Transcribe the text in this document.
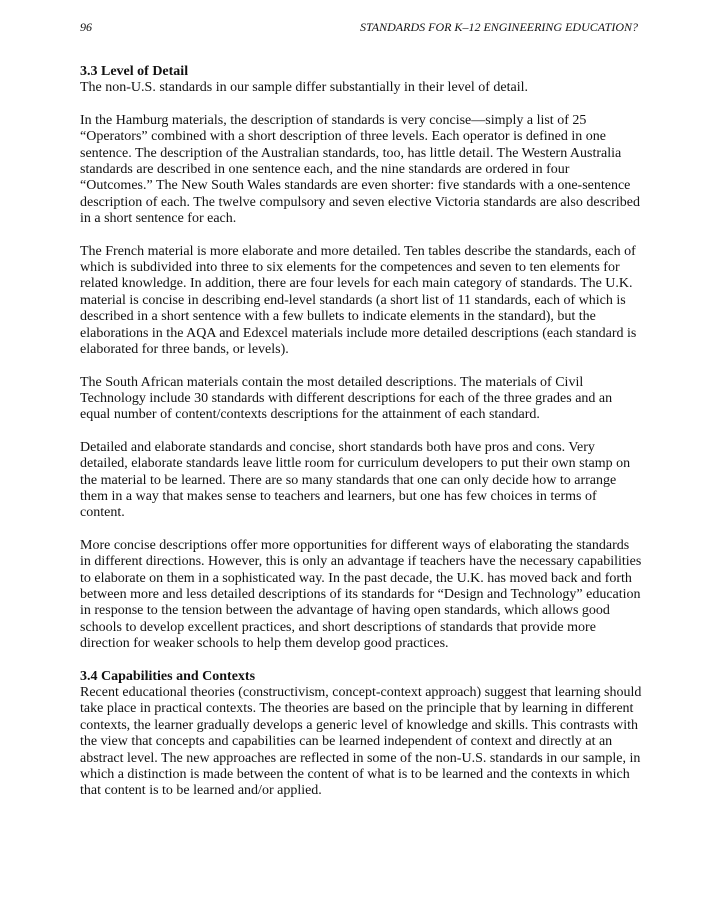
96	STANDARDS FOR K–12 ENGINEERING EDUCATION?

3.3 Level of Detail

The non-U.S. standards in our sample differ substantially in their level of detail.

In the Hamburg materials, the description of standards is very concise—simply a list of 25 “Operators” combined with a short description of three levels. Each operator is defined in one sentence. The description of the Australian standards, too, has little detail. The Western Australia standards are described in one sentence each, and the nine standards are ordered in four “Outcomes.” The New South Wales standards are even shorter: five standards with a one-sentence description of each. The twelve compulsory and seven elective Victoria standards are also described in a short sentence for each.

The French material is more elaborate and more detailed. Ten tables describe the standards, each of which is subdivided into three to six elements for the competences and seven to ten elements for related knowledge. In addition, there are four levels for each main category of standards. The U.K. material is concise in describing end-level standards (a short list of 11 standards, each of which is described in a short sentence with a few bullets to indicate elements in the standard), but the elaborations in the AQA and Edexcel materials include more detailed descriptions (each standard is elaborated for three bands, or levels).

The South African materials contain the most detailed descriptions. The materials of Civil Technology include 30 standards with different descriptions for each of the three grades and an equal number of content/contexts descriptions for the attainment of each standard.

Detailed and elaborate standards and concise, short standards both have pros and cons. Very detailed, elaborate standards leave little room for curriculum developers to put their own stamp on the material to be learned. There are so many standards that one can only decide how to arrange them in a way that makes sense to teachers and learners, but one has few choices in terms of content.

More concise descriptions offer more opportunities for different ways of elaborating the standards in different directions. However, this is only an advantage if teachers have the necessary capabilities to elaborate on them in a sophisticated way. In the past decade, the U.K. has moved back and forth between more and less detailed descriptions of its standards for “Design and Technology” education in response to the tension between the advantage of having open standards, which allows good schools to develop excellent practices, and short descriptions of standards that provide more direction for weaker schools to help them develop good practices.

3.4 Capabilities and Contexts

Recent educational theories (constructivism, concept-context approach) suggest that learning should take place in practical contexts. The theories are based on the principle that by learning in different contexts, the learner gradually develops a generic level of knowledge and skills. This contrasts with the view that concepts and capabilities can be learned independent of context and directly at an abstract level. The new approaches are reflected in some of the non-U.S. standards in our sample, in which a distinction is made between the content of what is to be learned and the contexts in which that content is to be learned and/or applied.
